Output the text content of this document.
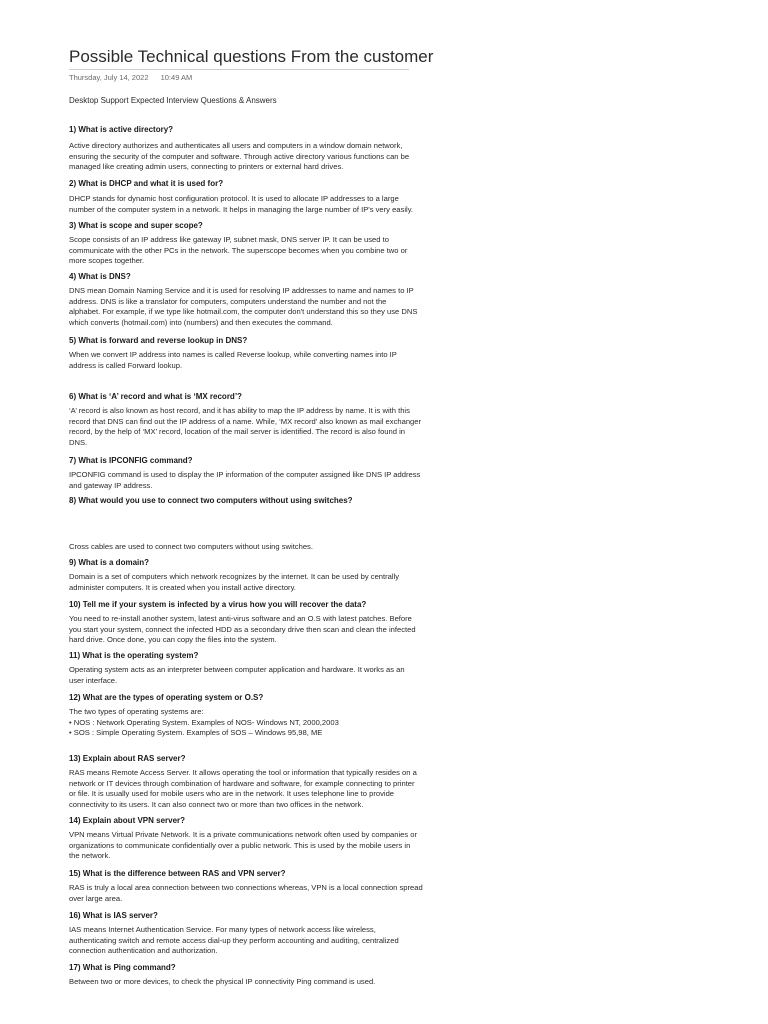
Possible Technical questions From the customer
Thursday, July 14, 2022 10:49 AM
Desktop Support Expected Interview Questions & Answers
1) What is active directory?

Active directory authorizes and authenticates all users and computers in a window domain network,

ensuring the security of the computer and software. Through active directory various functions can be

managed like creating admin users, connecting to printers or external hard drives.

2) What is DHCP and what it is used for?

DHCP stands for dynamic host configuration protocol. It is used to allocate IP addresses to a large

number of the computer system in a network. It helps in managing the large number of IP's very easily.

3) What is scope and super scope?

Scope consists of an IP address like gateway IP, subnet mask, DNS server IP. It can be used to

communicate with the other PCs in the network. The superscope becomes when you combine two or

more scopes together.

4) What is DNS?

DNS mean Domain Naming Service and it is used for resolving IP addresses to name and names to IP

address. DNS is like a translator for computers, computers understand the number and not the

alphabet. For example, if we type like hotmail.com, the computer don't understand this so they use DNS

which converts (hotmail.com) into (numbers) and then executes the command.

5) What is forward and reverse lookup in DNS?

When we convert IP address into names is called Reverse lookup, while converting names into IP

address is called Forward lookup.

6) What is ‘A’ record and what is ‘MX record’?

‘A’ record is also known as host record, and it has ability to map the IP address by name. It is with this

record that DNS can find out the IP address of a name. While, ‘MX record’ also known as mail exchanger

record, by the help of ‘MX’ record, location of the mail server is identified. The record is also found in

DNS.

7) What is IPCONFIG command?

IPCONFIG command is used to display the IP information of the computer assigned like DNS IP address

and gateway IP address.

8) What would you use to connect two computers without using switches?

Cross cables are used to connect two computers without using switches.

9) What is a domain?

Domain is a set of computers which network recognizes by the internet. It can be used by centrally

administer computers. It is created when you install active directory.

10) Tell me if your system is infected by a virus how you will recover the data?

You need to re-install another system, latest anti-virus software and an O.S with latest patches. Before

you start your system, connect the infected HDD as a secondary drive then scan and clean the infected

hard drive. Once done, you can copy the files into the system.

11) What is the operating system?

Operating system acts as an interpreter between computer application and hardware. It works as an

user interface.

12) What are the types of operating system or O.S?

The two types of operating systems are:

• NOS : Network Operating System. Examples of NOS- Windows NT, 2000,2003

• SOS : Simple Operating System. Examples of SOS – Windows 95,98, ME

13) Explain about RAS server?

RAS means Remote Access Server. It allows operating the tool or information that typically resides on a

network or IT devices through combination of hardware and software, for example connecting to printer

or file. It is usually used for mobile users who are in the network. It uses telephone line to provide

connectivity to its users. It can also connect two or more than two offices in the network.

14) Explain about VPN server?

VPN means Virtual Private Network. It is a private communications network often used by companies or

organizations to communicate confidentially over a public network. This is used by the mobile users in

the network.

15) What is the difference between RAS and VPN server?

RAS is truly a local area connection between two connections whereas, VPN is a local connection spread

over large area.

16) What is IAS server?

IAS means Internet Authentication Service. For many types of network access like wireless,

authenticating switch and remote access dial-up they perform accounting and auditing, centralized

connection authentication and authorization.

17) What is Ping command?

Between two or more devices, to check the physical IP connectivity Ping command is used.
